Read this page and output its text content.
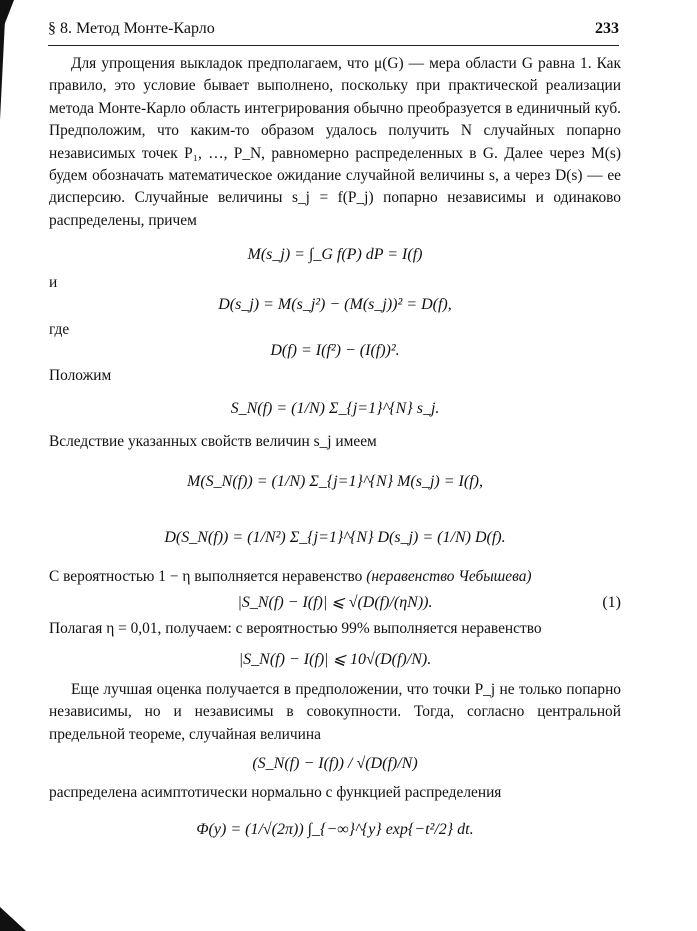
§ 8. Метод Монте-Карло	233

Для упрощения выкладок предполагаем, что μ(G) — мера области G равна 1. Как правило, это условие бывает выполнено, поскольку при практической реализации метода Монте-Карло область интегрирования обычно преобразуется в единичный куб. Предположим, что каким-то образом удалось получить N случайных попарно независимых точек P₁, …, P_N, равномерно распределенных в G. Далее через M(s) будем обозначать математическое ожидание случайной величины s, а через D(s) — ее дисперсию. Случайные величины s_j = f(P_j) попарно независимы и одинаково распределены, причем

M(s_j) = ∫_G f(P) dP = I(f)
и
D(s_j) = M(s_j²) − (M(s_j))² = D(f),
где
D(f) = I(f²) − (I(f))².
Положим
S_N(f) = (1/N) Σ_{j=1}^{N} s_j.

Вследствие указанных свойств величин s_j имеем

M(S_N(f)) = (1/N) Σ_{j=1}^{N} M(s_j) = I(f),
D(S_N(f)) = (1/N²) Σ_{j=1}^{N} D(s_j) = (1/N) D(f).

С вероятностью 1 − η выполняется неравенство (неравенство Чебышева)

|S_N(f) − I(f)| ⩽ √(D(f)/(ηN)).	(1)

Полагая η = 0,01, получаем: с вероятностью 99% выполняется неравенство

|S_N(f) − I(f)| ⩽ 10√(D(f)/N).

Еще лучшая оценка получается в предположении, что точки P_j не только попарно независимы, но и независимы в совокупности. Тогда, согласно центральной предельной теореме, случайная величина

(S_N(f) − I(f)) / √(D(f)/N)

распределена асимптотически нормально с функцией распределения

Φ(y) = (1/√(2π)) ∫_{−∞}^{y} exp{−t²/2} dt.
